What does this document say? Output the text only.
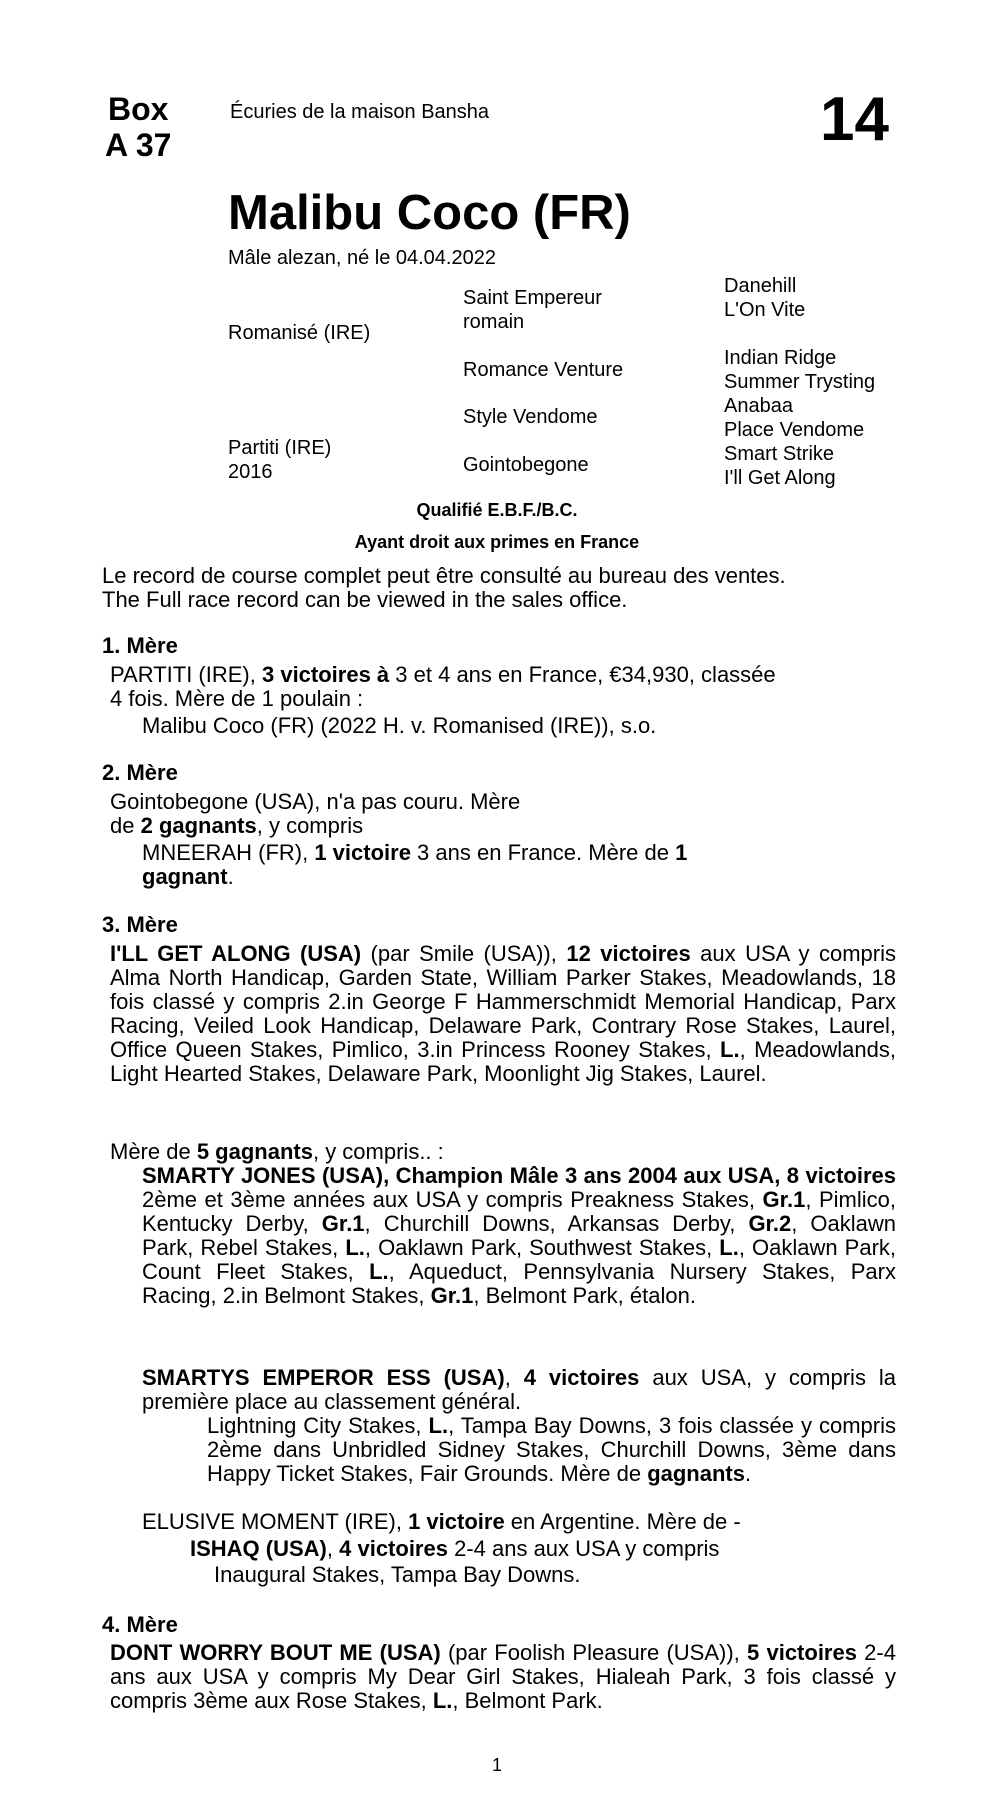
Box
A 37
Écuries de la maison Bansha	14
Malibu Coco (FR)
Mâle alezan, né le 04.04.2022
Romanisé (IRE)
Partiti (IRE)
2016
Saint Empereur
romain
Romance Venture
Style Vendome
Gointobegone
Danehill
L'On Vite
Indian Ridge
Summer Trysting
Anabaa
Place Vendome
Smart Strike
I'll Get Along
Qualifié E.B.F./B.C.
Ayant droit aux primes en France
Le record de course complet peut être consulté au bureau des ventes.
The Full race record can be viewed in the sales office.
1. Mère
PARTITI (IRE), 3 victoires à 3 et 4 ans en France, €34,930, classée
4 fois. Mère de 1 poulain :
Malibu Coco (FR) (2022 H. v. Romanised (IRE)), s.o.
2. Mère
Gointobegone (USA), n'a pas couru. Mère
de 2 gagnants, y compris
MNEERAH (FR), 1 victoire 3 ans en France. Mère de 1
gagnant.
3. Mère
I'LL GET ALONG (USA) (par Smile (USA)), 12 victoires aux USA y compris Alma North Handicap, Garden State, William Parker Stakes, Meadowlands, 18 fois classé y compris 2.in George F Hammerschmidt Memorial Handicap, Parx Racing, Veiled Look Handicap, Delaware Park, Contrary Rose Stakes, Laurel, Office Queen Stakes, Pimlico, 3.in Princess Rooney Stakes, L., Meadowlands, Light Hearted Stakes, Delaware Park, Moonlight Jig Stakes, Laurel.
Mère de 5 gagnants, y compris.. :
SMARTY JONES (USA), Champion Mâle 3 ans 2004 aux USA, 8 victoires 2ème et 3ème années aux USA y compris Preakness Stakes, Gr.1, Pimlico, Kentucky Derby, Gr.1, Churchill Downs, Arkansas Derby, Gr.2, Oaklawn Park, Rebel Stakes, L., Oaklawn Park, Southwest Stakes, L., Oaklawn Park, Count Fleet Stakes, L., Aqueduct, Pennsylvania Nursery Stakes, Parx Racing, 2.in Belmont Stakes, Gr.1, Belmont Park, étalon.
SMARTYS EMPEROR ESS (USA), 4 victoires aux USA, y compris la première place au classement général.
Lightning City Stakes, L., Tampa Bay Downs, 3 fois classée y compris 2ème dans Unbridled Sidney Stakes, Churchill Downs, 3ème dans Happy Ticket Stakes, Fair Grounds. Mère de gagnants.
ELUSIVE MOMENT (IRE), 1 victoire en Argentine. Mère de -
ISHAQ (USA), 4 victoires 2-4 ans aux USA y compris
Inaugural Stakes, Tampa Bay Downs.
4. Mère
DONT WORRY BOUT ME (USA) (par Foolish Pleasure (USA)), 5 victoires 2-4 ans aux USA y compris My Dear Girl Stakes, Hialeah Park, 3 fois classé y compris 3ème aux Rose Stakes, L., Belmont Park.
1
